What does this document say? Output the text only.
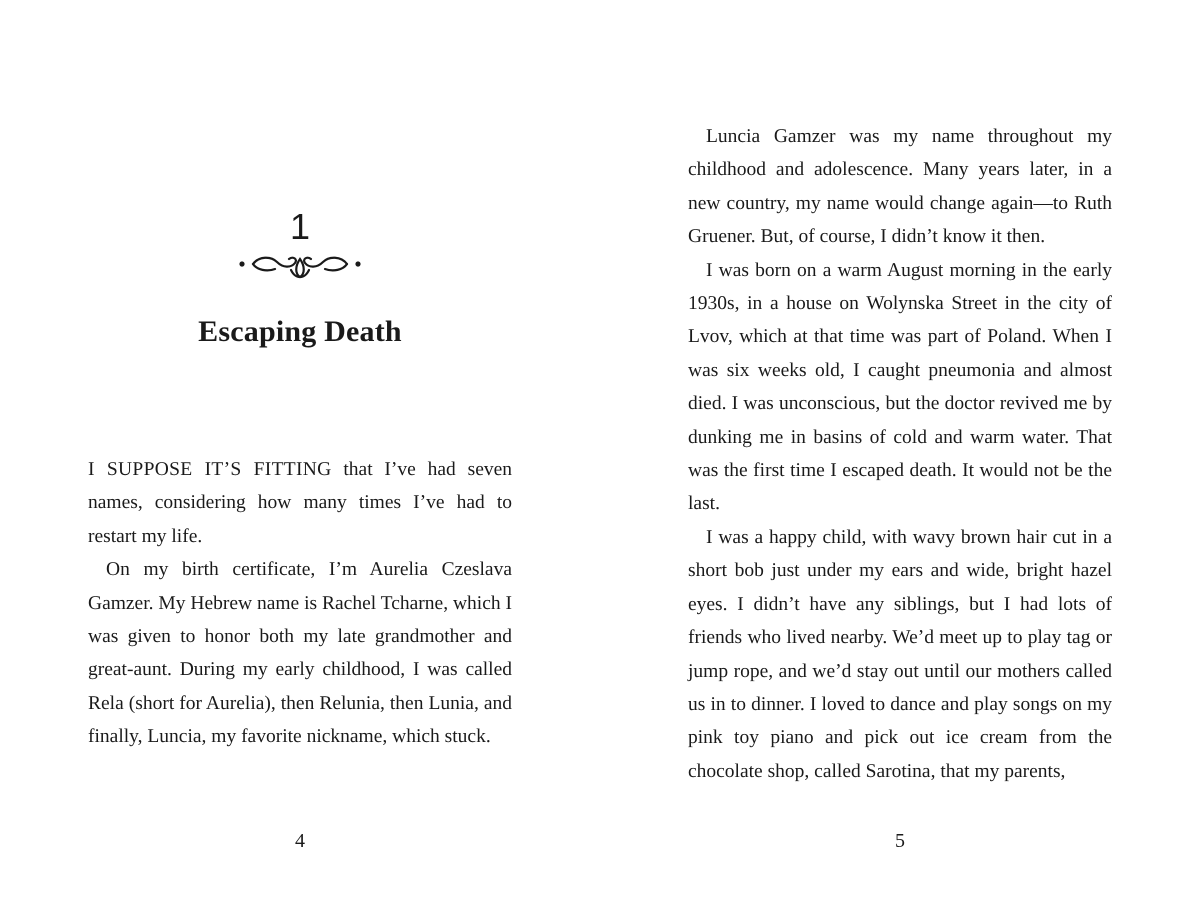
1
Escaping Death

I SUPPOSE IT’S FITTING that I’ve had seven names, considering how many times I’ve had to restart my life.

On my birth certificate, I’m Aurelia Czeslava Gamzer. My Hebrew name is Rachel Tcharne, which I was given to honor both my late grandmother and great-aunt. During my early childhood, I was called Rela (short for Aurelia), then Relunia, then Lunia, and finally, Luncia, my favorite nickname, which stuck.

4

Luncia Gamzer was my name throughout my childhood and adolescence. Many years later, in a new country, my name would change again—to Ruth Gruener. But, of course, I didn’t know it then.

I was born on a warm August morning in the early 1930s, in a house on Wolynska Street in the city of Lvov, which at that time was part of Poland. When I was six weeks old, I caught pneumonia and almost died. I was unconscious, but the doctor revived me by dunking me in basins of cold and warm water. That was the first time I escaped death. It would not be the last.

I was a happy child, with wavy brown hair cut in a short bob just under my ears and wide, bright hazel eyes. I didn’t have any siblings, but I had lots of friends who lived nearby. We’d meet up to play tag or jump rope, and we’d stay out until our mothers called us in to dinner. I loved to dance and play songs on my pink toy piano and pick out ice cream from the chocolate shop, called Sarotina, that my parents,

5
